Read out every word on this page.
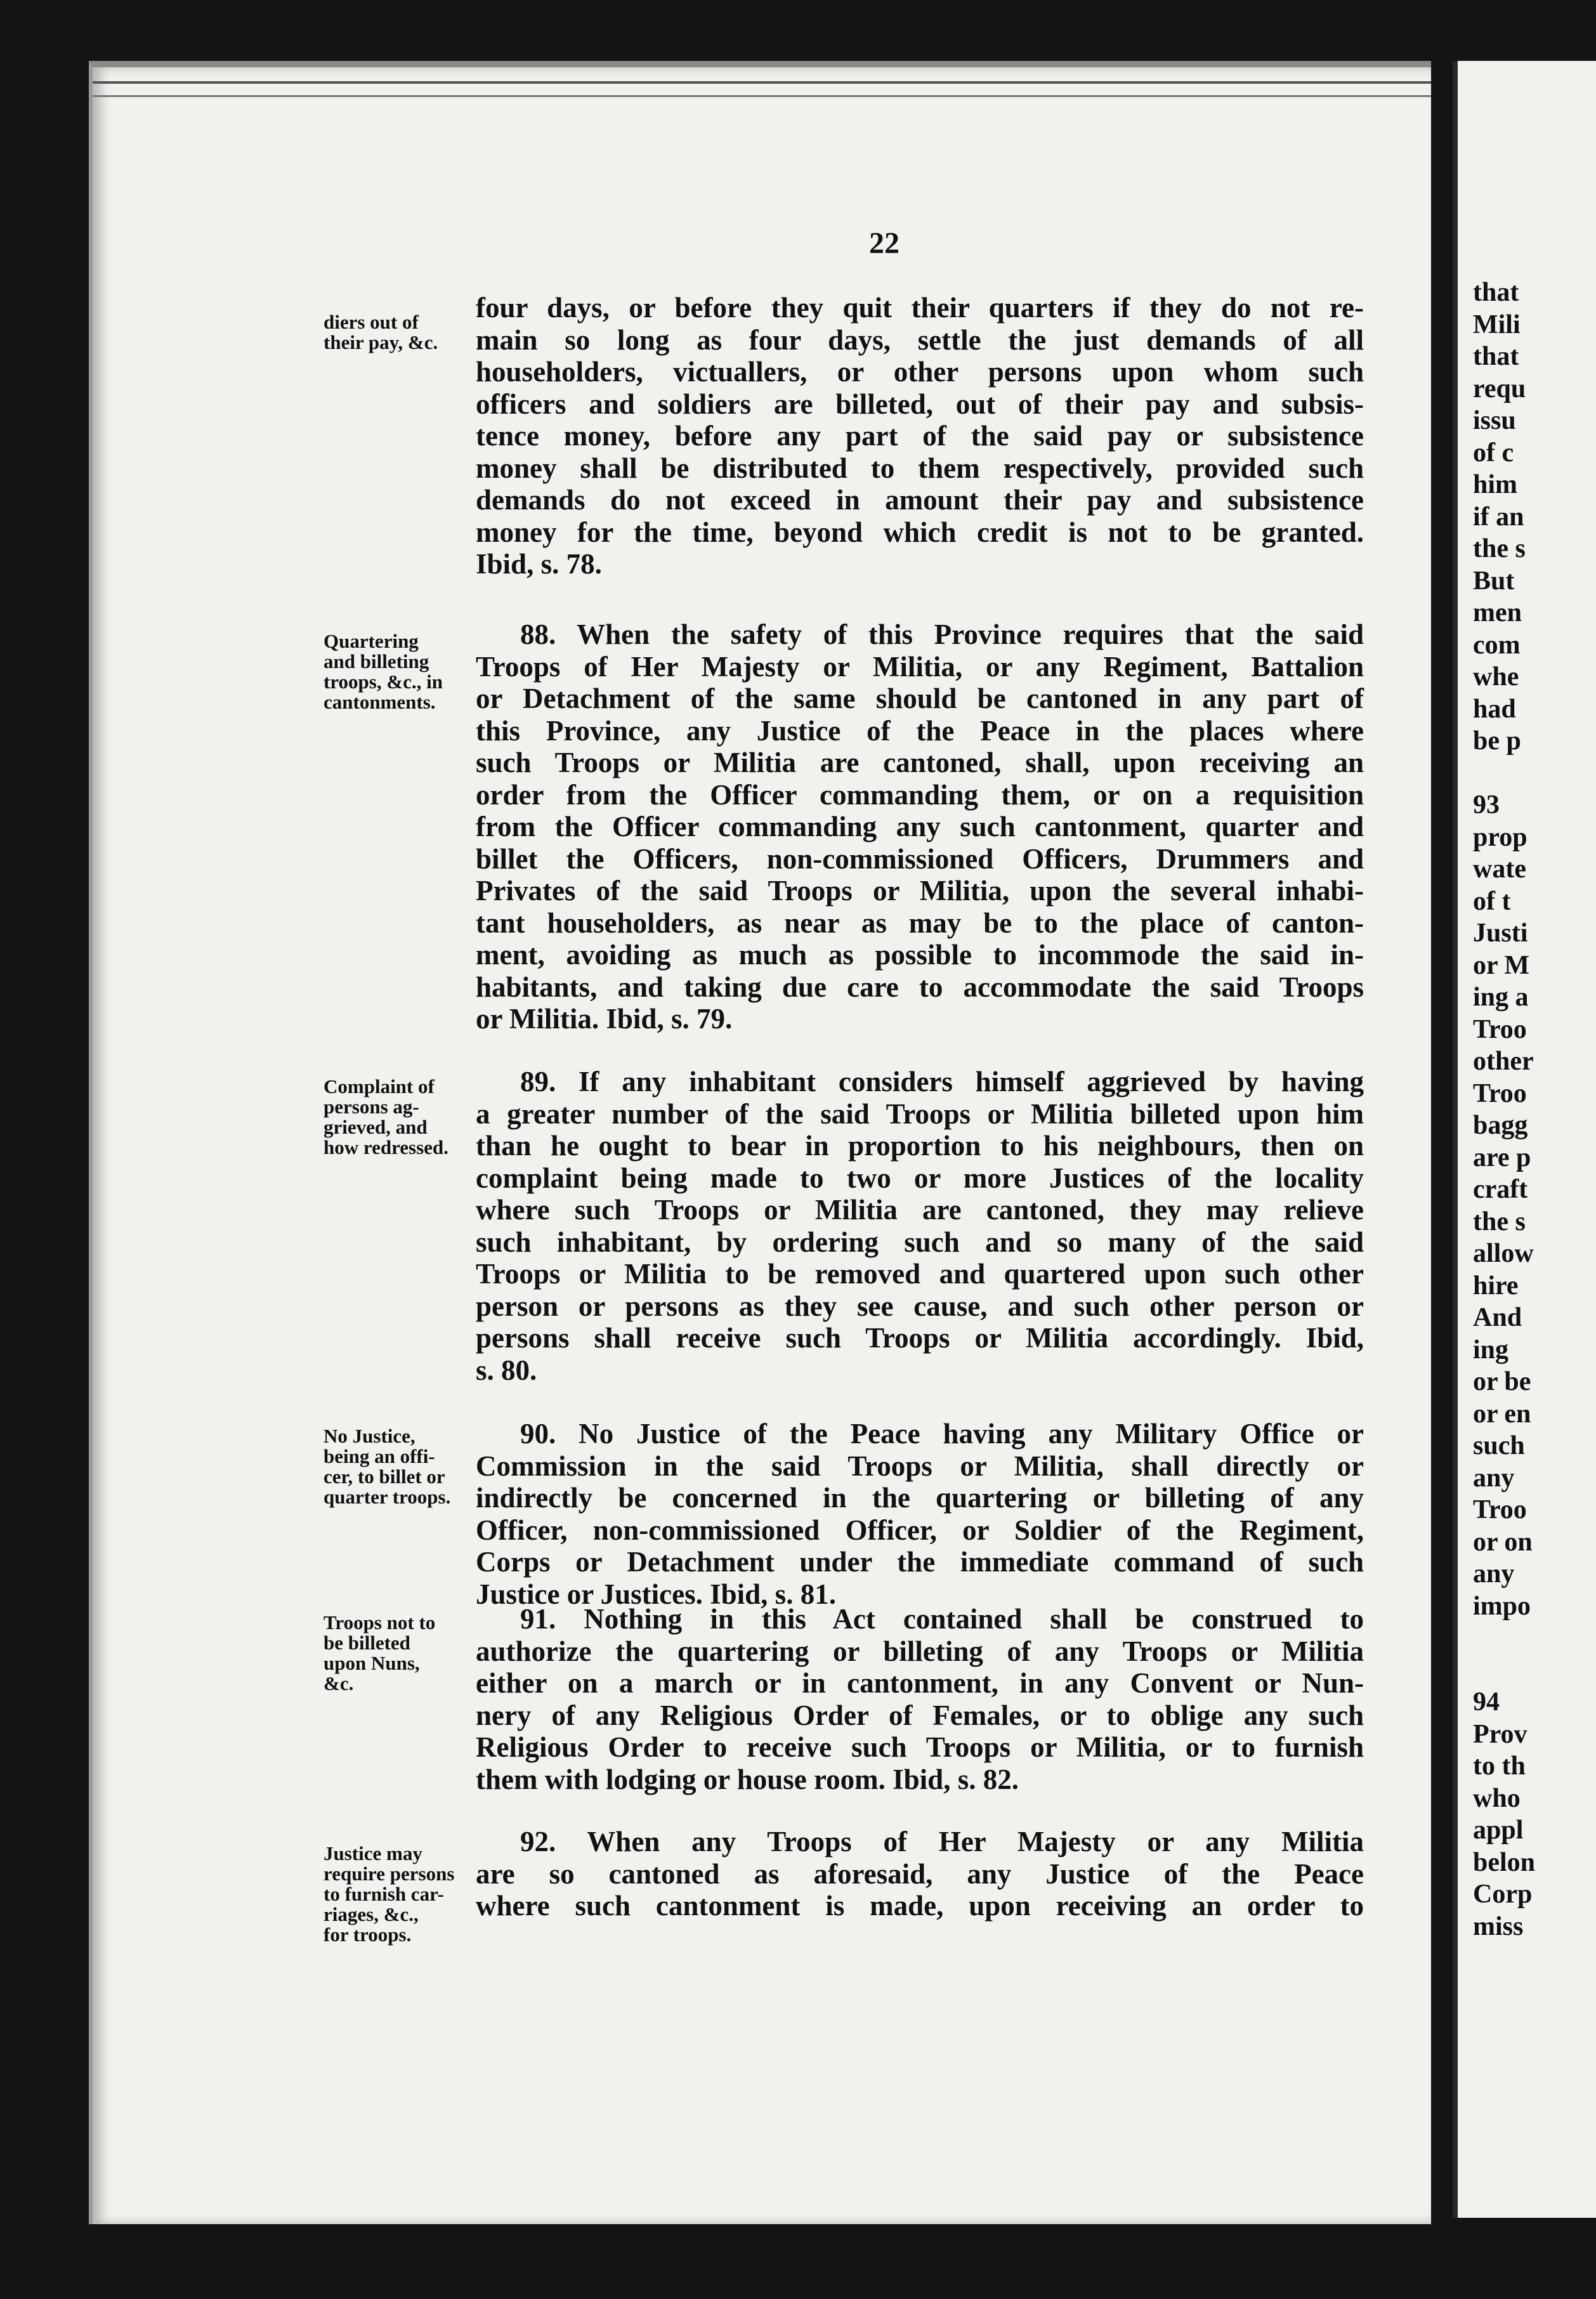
that
Mili
that
requ
issu
of c
him
if an
the s
But
men
com
whe
had
be p

93
prop
wate
of t
Justi
or M
ing a
Troo
other
Troo
bagg
are p
craft
the s
allow
hire
And
ing
or be
or en
such
any
Troo
or on
any
impo

94
Prov
to th
who
appl
belon
Corp
miss
22
diers out of
their pay, &c.
Quartering
and billeting
troops, &c., in
cantonments.
Complaint of
persons ag-
grieved, and
how redressed.
No Justice,
being an offi-
cer, to billet or
quarter troops.
Troops not to
be billeted
upon Nuns,
&c.
Justice may
require persons
to furnish car-
riages, &c.,
for troops.
four days, or before they quit their quarters if they do not re-
main so long as four days, settle the just demands of all
householders, victuallers, or other persons upon whom such
officers and soldiers are billeted, out of their pay and subsis-
tence money, before any part of the said pay or subsistence
money shall be distributed to them respectively, provided such
demands do not exceed in amount their pay and subsistence
money for the time, beyond which credit is not to be granted.
Ibid, s. 78.
88. When the safety of this Province requires that the said
Troops of Her Majesty or Militia, or any Regiment, Battalion
or Detachment of the same should be cantoned in any part of
this Province, any Justice of the Peace in the places where
such Troops or Militia are cantoned, shall, upon receiving an
order from the Officer commanding them, or on a requisition
from the Officer commanding any such cantonment, quarter and
billet the Officers, non-commissioned Officers, Drummers and
Privates of the said Troops or Militia, upon the several inhabi-
tant householders, as near as may be to the place of canton-
ment, avoiding as much as possible to incommode the said in-
habitants, and taking due care to accommodate the said Troops
or Militia. Ibid, s. 79.
89. If any inhabitant considers himself aggrieved by having
a greater number of the said Troops or Militia billeted upon him
than he ought to bear in proportion to his neighbours, then on
complaint being made to two or more Justices of the locality
where such Troops or Militia are cantoned, they may relieve
such inhabitant, by ordering such and so many of the said
Troops or Militia to be removed and quartered upon such other
person or persons as they see cause, and such other person or
persons shall receive such Troops or Militia accordingly. Ibid,
s. 80.
90. No Justice of the Peace having any Military Office or
Commission in the said Troops or Militia, shall directly or
indirectly be concerned in the quartering or billeting of any
Officer, non-commissioned Officer, or Soldier of the Regiment,
Corps or Detachment under the immediate command of such
Justice or Justices. Ibid, s. 81.
91. Nothing in this Act contained shall be construed to
authorize the quartering or billeting of any Troops or Militia
either on a march or in cantonment, in any Convent or Nun-
nery of any Religious Order of Females, or to oblige any such
Religious Order to receive such Troops or Militia, or to furnish
them with lodging or house room. Ibid, s. 82.
92. When any Troops of Her Majesty or any Militia
are so cantoned as aforesaid, any Justice of the Peace
where such cantonment is made, upon receiving an order to
